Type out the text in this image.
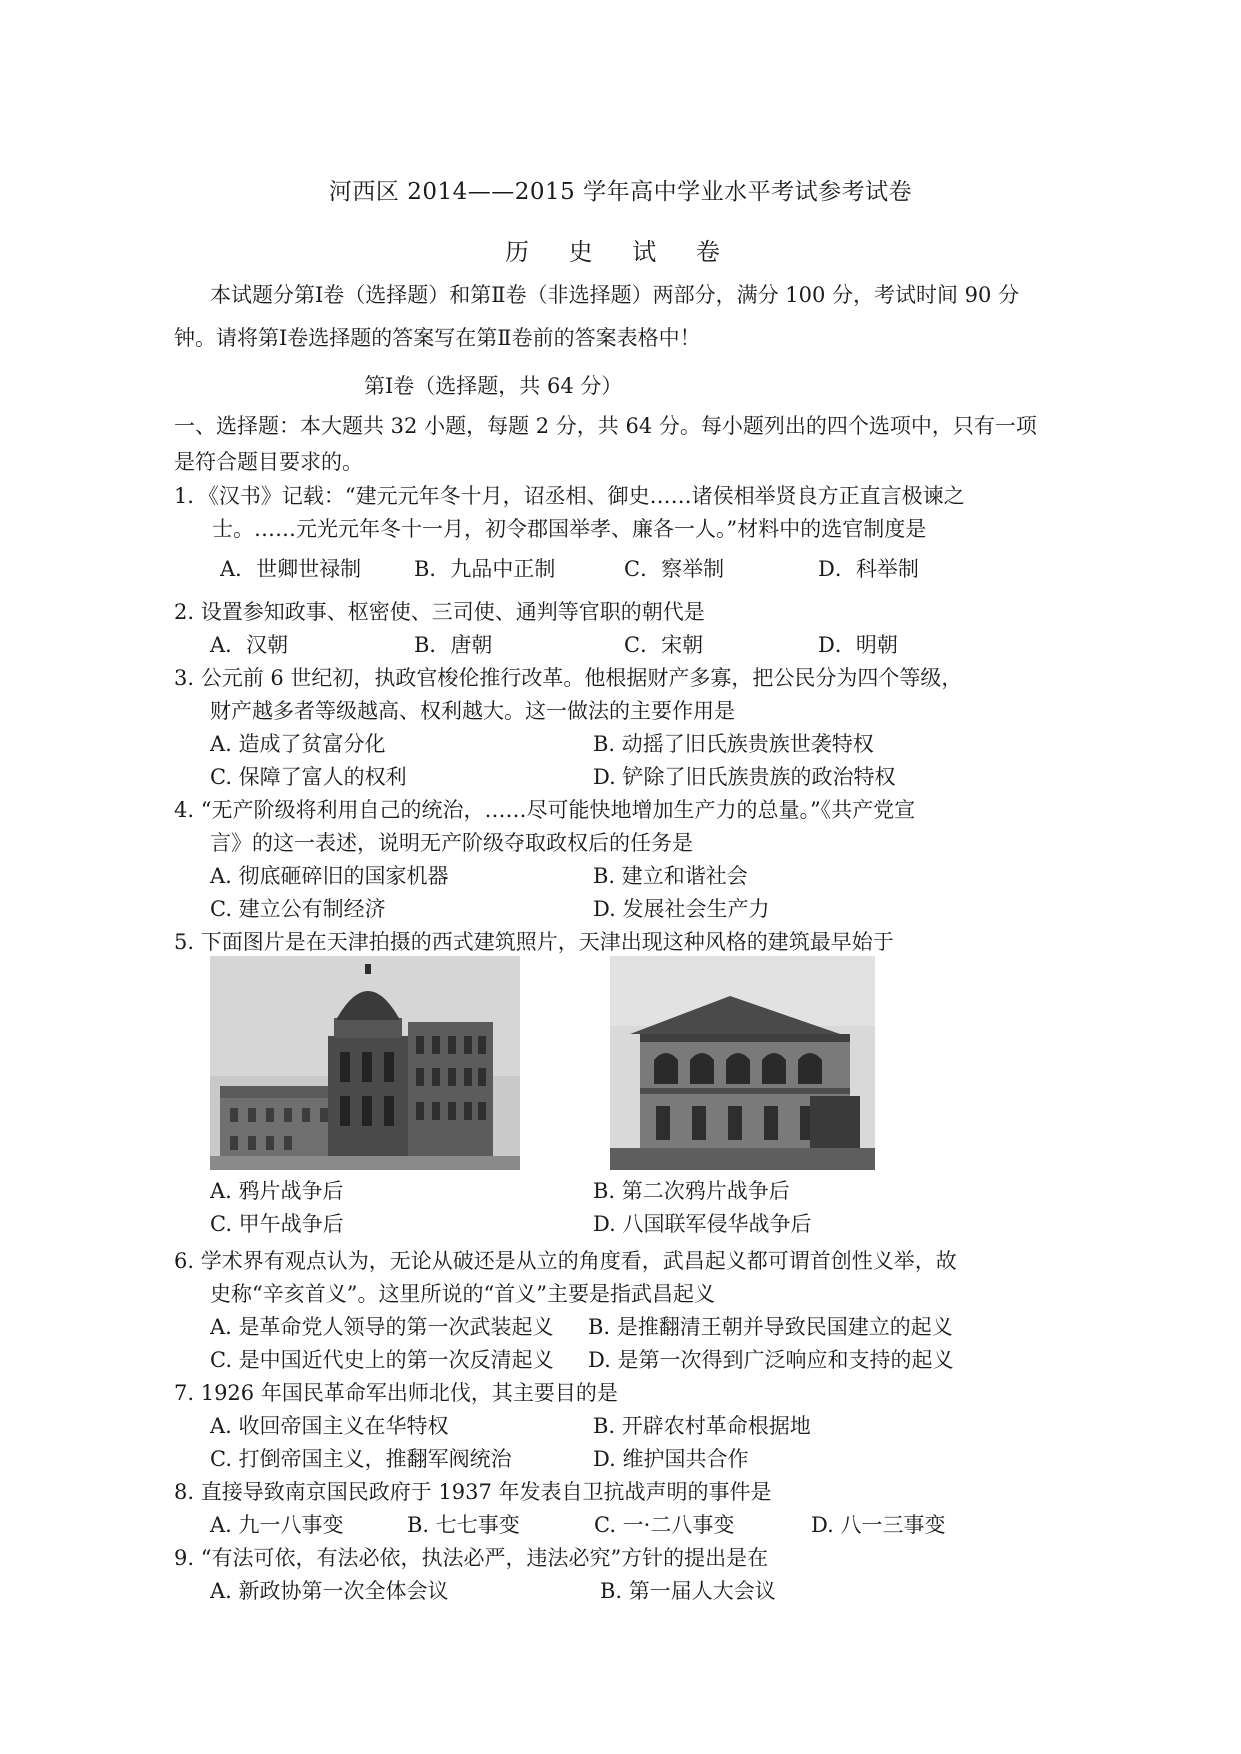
河西区 2014——2015 学年高中学业水平考试参考试卷
历 史 试 卷
本试题分第Ⅰ卷（选择题）和第Ⅱ卷（非选择题）两部分，满分 100 分，考试时间 90 分
钟。请将第Ⅰ卷选择题的答案写在第Ⅱ卷前的答案表格中！
第Ⅰ卷（选择题，共 64 分）
一、选择题：本大题共 32 小题，每题 2 分，共 64 分。每小题列出的四个选项中，只有一项
是符合题目要求的。
1．《汉书》记载：“建元元年冬十月，诏丞相、御史……诸侯相举贤良方正直言极谏之
士。……元光元年冬十一月，初令郡国举孝、廉各一人。”材料中的选官制度是
A．世卿世禄制	B．九品中正制	C．察举制	D．科举制
2. 设置参知政事、枢密使、三司使、通判等官职的朝代是
A．汉朝	B．唐朝	C．宋朝	D．明朝
3. 公元前 6 世纪初，执政官梭伦推行改革。他根据财产多寡，把公民分为四个等级，
财产越多者等级越高、权利越大。这一做法的主要作用是
A. 造成了贫富分化	B. 动摇了旧氏族贵族世袭特权
C. 保障了富人的权利	D. 铲除了旧氏族贵族的政治特权
4. “无产阶级将利用自己的统治，……尽可能快地增加生产力的总量。”《共产党宣
言》的这一表述，说明无产阶级夺取政权后的任务是
A. 彻底砸碎旧的国家机器	B. 建立和谐社会
C. 建立公有制经济	D. 发展社会生产力
5. 下面图片是在天津拍摄的西式建筑照片，天津出现这种风格的建筑最早始于
A. 鸦片战争后	B. 第二次鸦片战争后
C. 甲午战争后	D. 八国联军侵华战争后
6. 学术界有观点认为，无论从破还是从立的角度看，武昌起义都可谓首创性义举，故
史称“辛亥首义”。这里所说的“首义”主要是指武昌起义
A. 是革命党人领导的第一次武装起义 B. 是推翻清王朝并导致民国建立的起义
C. 是中国近代史上的第一次反清起义 D. 是第一次得到广泛响应和支持的起义
7. 1926 年国民革命军出师北伐，其主要目的是
A. 收回帝国主义在华特权	B. 开辟农村革命根据地
C. 打倒帝国主义，推翻军阀统治	D. 维护国共合作
8. 直接导致南京国民政府于 1937 年发表自卫抗战声明的事件是
A. 九一八事变	B. 七七事变	C. 一·二八事变	D. 八一三事变
9. “有法可依，有法必依，执法必严，违法必究”方针的提出是在
A. 新政协第一次全体会议	B. 第一届人大会议
